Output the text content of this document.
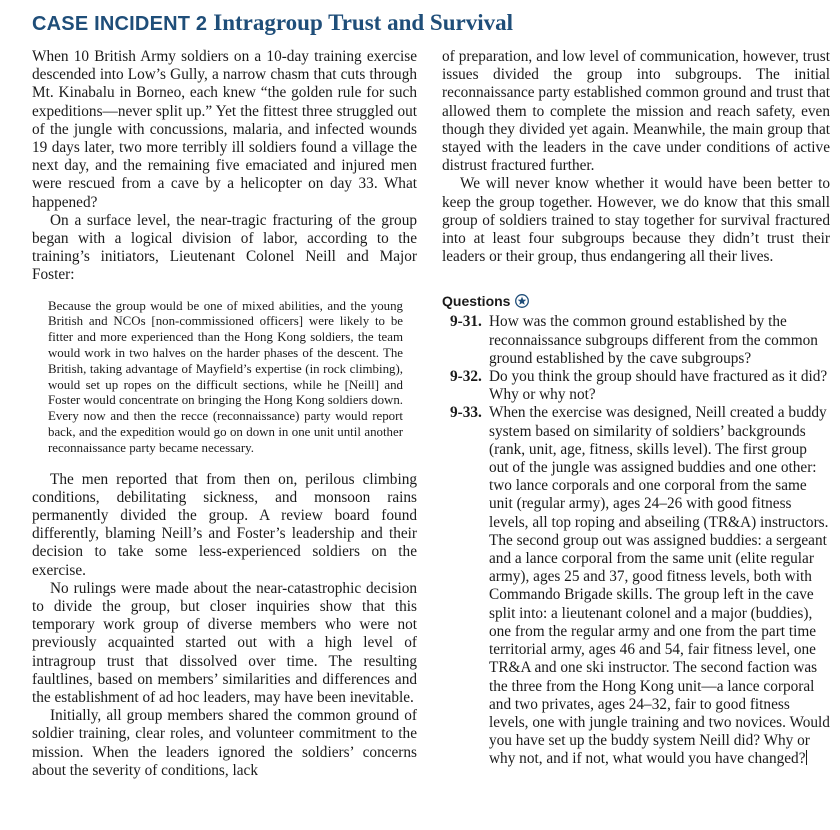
CASE INCIDENT 2 Intragroup Trust and Survival

When 10 British Army soldiers on a 10-day training exercise descended into Low’s Gully, a narrow chasm that cuts through Mt. Kinabalu in Borneo, each knew “the golden rule for such expeditions—never split up.” Yet the fittest three struggled out of the jungle with concussions, malaria, and infected wounds 19 days later, two more terribly ill soldiers found a village the next day, and the remaining five emaciated and injured men were rescued from a cave by a helicopter on day 33. What happened?

On a surface level, the near-tragic fracturing of the group began with a logical division of labor, according to the training’s initiators, Lieutenant Colonel Neill and Major Foster:

Because the group would be one of mixed abilities, and the young British and NCOs [non-commissioned officers] were likely to be fitter and more experienced than the Hong Kong soldiers, the team would work in two halves on the harder phases of the descent. The British, taking advantage of Mayfield’s expertise (in rock climbing), would set up ropes on the difficult sections, while he [Neill] and Foster would concentrate on bringing the Hong Kong soldiers down. Every now and then the recce (reconnaissance) party would report back, and the expedition would go on down in one unit until another reconnaissance party became necessary.

The men reported that from then on, perilous climbing conditions, debilitating sickness, and monsoon rains permanently divided the group. A review board found differently, blaming Neill’s and Foster’s leadership and their decision to take some less-experienced soldiers on the exercise.

No rulings were made about the near-catastrophic decision to divide the group, but closer inquiries show that this temporary work group of diverse members who were not previously acquainted started out with a high level of intragroup trust that dissolved over time. The resulting faultlines, based on members’ similarities and differences and the establishment of ad hoc leaders, may have been inevitable.

Initially, all group members shared the common ground of soldier training, clear roles, and volunteer commitment to the mission. When the leaders ignored the soldiers’ concerns about the severity of conditions, lack

of preparation, and low level of communication, however, trust issues divided the group into subgroups. The initial reconnaissance party established common ground and trust that allowed them to complete the mission and reach safety, even though they divided yet again. Meanwhile, the main group that stayed with the leaders in the cave under conditions of active distrust fractured further.

We will never know whether it would have been better to keep the group together. However, we do know that this small group of soldiers trained to stay together for survival fractured into at least four subgroups because they didn’t trust their leaders or their group, thus endangering all their lives.

Questions
9-31. How was the common ground established by the reconnaissance subgroups different from the common ground established by the cave subgroups?
9-32. Do you think the group should have fractured as it did? Why or why not?
9-33. When the exercise was designed, Neill created a buddy system based on similarity of soldiers’ backgrounds (rank, unit, age, fitness, skills level). The first group out of the jungle was assigned buddies and one other: two lance corporals and one corporal from the same unit (regular army), ages 24–26 with good fitness levels, all top roping and abseiling (TR&A) instructors. The second group out was assigned buddies: a sergeant and a lance corporal from the same unit (elite regular army), ages 25 and 37, good fitness levels, both with Commando Brigade skills. The group left in the cave split into: a lieutenant colonel and a major (buddies), one from the regular army and one from the part time territorial army, ages 46 and 54, fair fitness level, one TR&A and one ski instructor. The second faction was the three from the Hong Kong unit—a lance corporal and two privates, ages 24–32, fair to good fitness levels, one with jungle training and two novices. Would you have set up the buddy system Neill did? Why or why not, and if not, what would you have changed?
